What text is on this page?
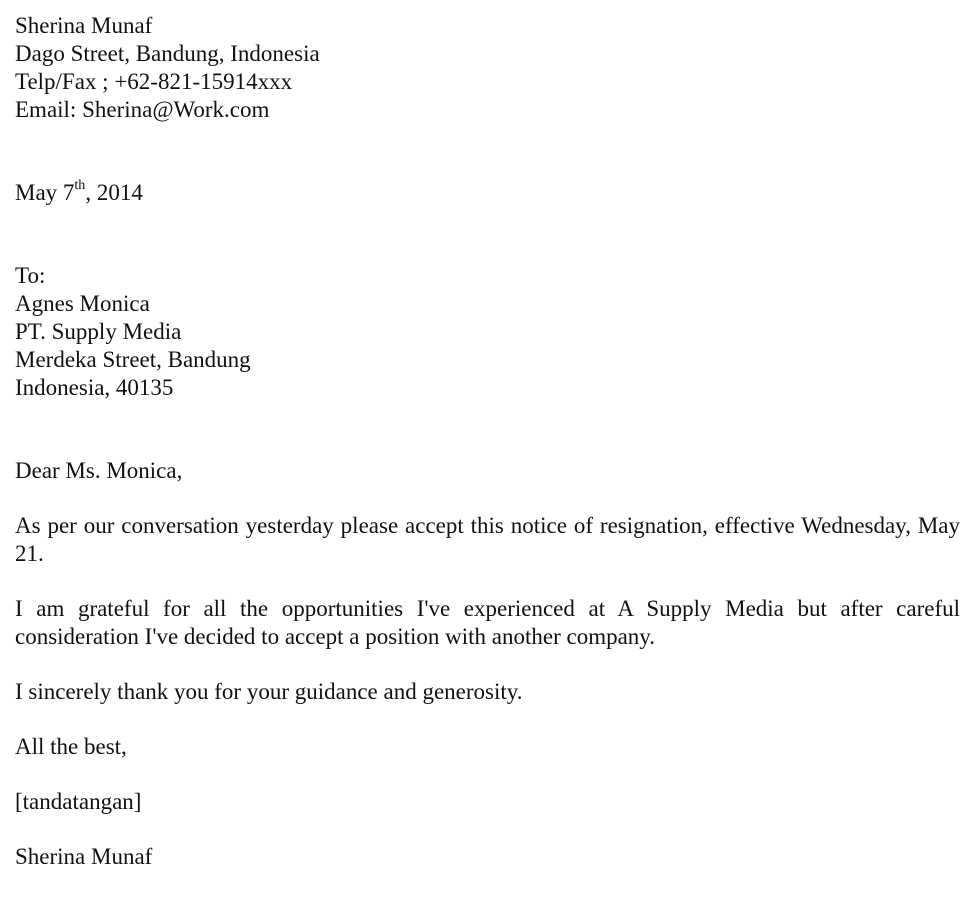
Sherina Munaf
Dago Street, Bandung, Indonesia
Telp/Fax ; +62-821-15914xxx
Email: Sherina@Work.com
May 7th, 2014
To:
Agnes Monica
PT. Supply Media
Merdeka Street, Bandung
Indonesia, 40135
Dear Ms. Monica,
As per our conversation yesterday please accept this notice of resignation, effective Wednesday, May 21.
I am grateful for all the opportunities I've experienced at A Supply Media but after careful consideration I've decided to accept a position with another company.
I sincerely thank you for your guidance and generosity.
All the best,
[tandatangan]
Sherina Munaf
